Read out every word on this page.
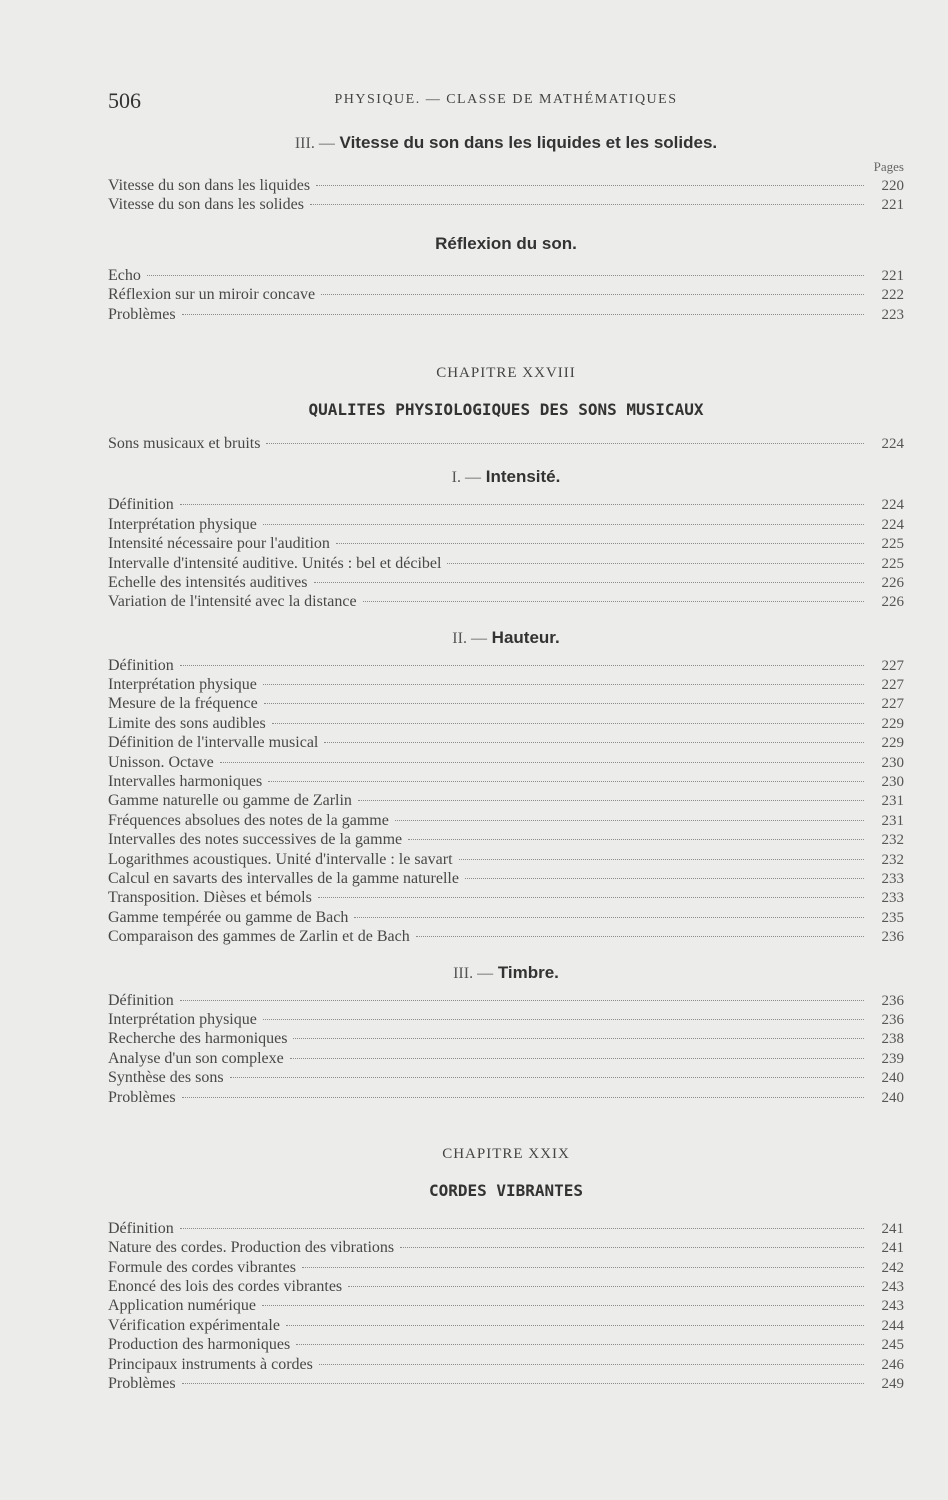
506	PHYSIQUE. — CLASSE DE MATHÉMATIQUES
III. — Vitesse du son dans les liquides et les solides.
Pages
Vitesse du son dans les liquides	220
Vitesse du son dans les solides	221
Réflexion du son.
Echo	221
Réflexion sur un miroir concave	222
Problèmes	223
CHAPITRE XXVIII
QUALITES PHYSIOLOGIQUES DES SONS MUSICAUX
Sons musicaux et bruits	224
I. — Intensité.
Définition	224
Interprétation physique	224
Intensité nécessaire pour l'audition	225
Intervalle d'intensité auditive. Unités : bel et décibel	225
Echelle des intensités auditives	226
Variation de l'intensité avec la distance	226
II. — Hauteur.
Définition	227
Interprétation physique	227
Mesure de la fréquence	227
Limite des sons audibles	229
Définition de l'intervalle musical	229
Unisson. Octave	230
Intervalles harmoniques	230
Gamme naturelle ou gamme de Zarlin	231
Fréquences absolues des notes de la gamme	231
Intervalles des notes successives de la gamme	232
Logarithmes acoustiques. Unité d'intervalle : le savart	232
Calcul en savarts des intervalles de la gamme naturelle	233
Transposition. Dièses et bémols	233
Gamme tempérée ou gamme de Bach	235
Comparaison des gammes de Zarlin et de Bach	236
III. — Timbre.
Définition	236
Interprétation physique	236
Recherche des harmoniques	238
Analyse d'un son complexe	239
Synthèse des sons	240
Problèmes	240
CHAPITRE XXIX
CORDES VIBRANTES
Définition	241
Nature des cordes. Production des vibrations	241
Formule des cordes vibrantes	242
Enoncé des lois des cordes vibrantes	243
Application numérique	243
Vérification expérimentale	244
Production des harmoniques	245
Principaux instruments à cordes	246
Problèmes	249
